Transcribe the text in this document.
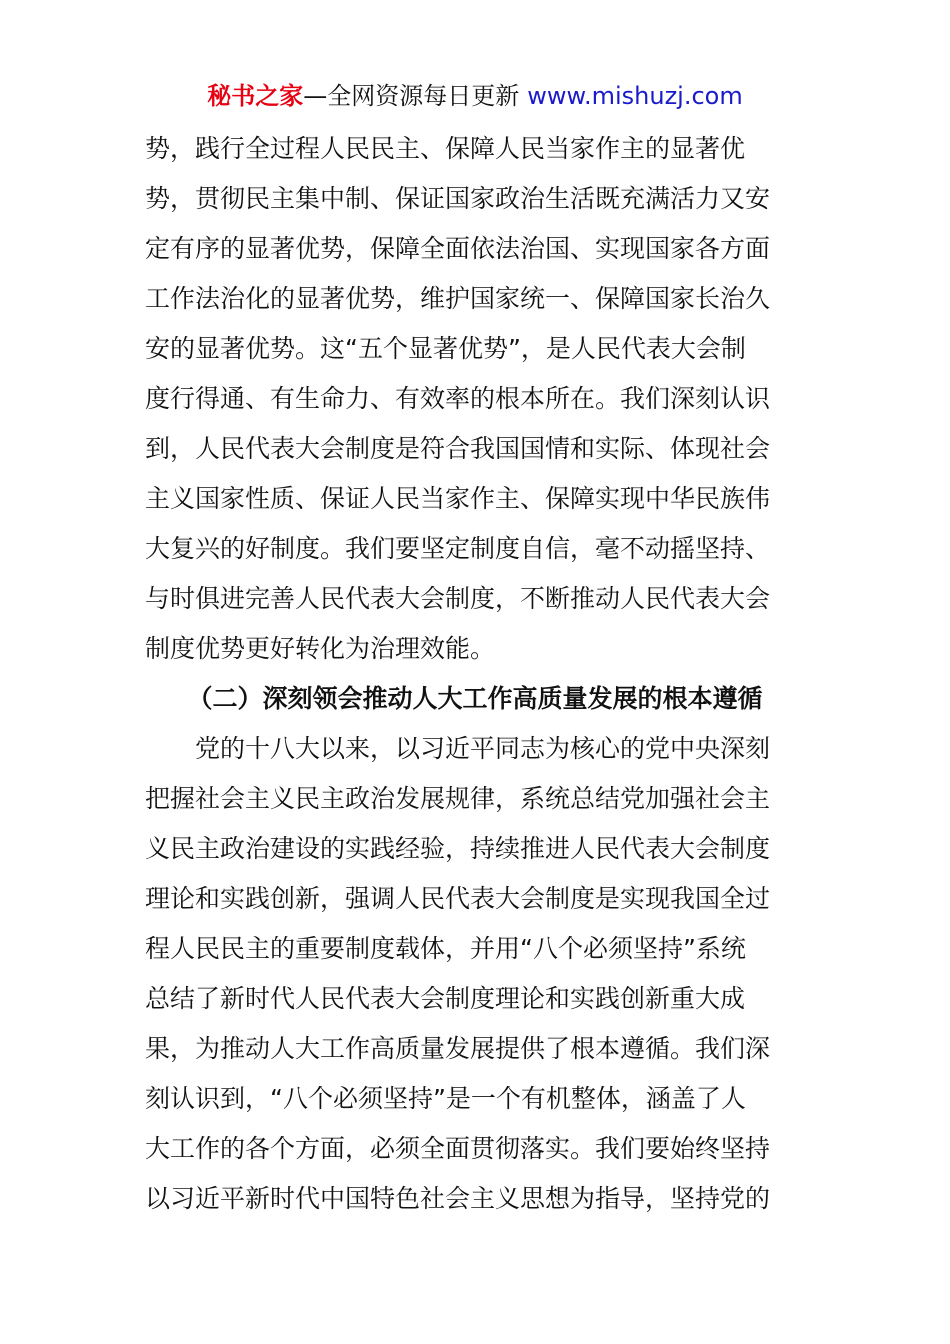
秘书之家—全网资源每日更新 www.mishuzj.com
势，践行全过程人民民主、保障人民当家作主的显著优
势，贯彻民主集中制、保证国家政治生活既充满活力又安
定有序的显著优势，保障全面依法治国、实现国家各方面
工作法治化的显著优势，维护国家统一、保障国家长治久
安的显著优势。这“五个显著优势”，是人民代表大会制
度行得通、有生命力、有效率的根本所在。我们深刻认识
到，人民代表大会制度是符合我国国情和实际、体现社会
主义国家性质、保证人民当家作主、保障实现中华民族伟
大复兴的好制度。我们要坚定制度自信，毫不动摇坚持、
与时俱进完善人民代表大会制度，不断推动人民代表大会
制度优势更好转化为治理效能。
（二）深刻领会推动人大工作高质量发展的根本遵循
党的十八大以来，以习近平同志为核心的党中央深刻
把握社会主义民主政治发展规律，系统总结党加强社会主
义民主政治建设的实践经验，持续推进人民代表大会制度
理论和实践创新，强调人民代表大会制度是实现我国全过
程人民民主的重要制度载体，并用“八个必须坚持”系统
总结了新时代人民代表大会制度理论和实践创新重大成
果，为推动人大工作高质量发展提供了根本遵循。我们深
刻认识到，“八个必须坚持”是一个有机整体，涵盖了人
大工作的各个方面，必须全面贯彻落实。我们要始终坚持
以习近平新时代中国特色社会主义思想为指导，坚持党的
